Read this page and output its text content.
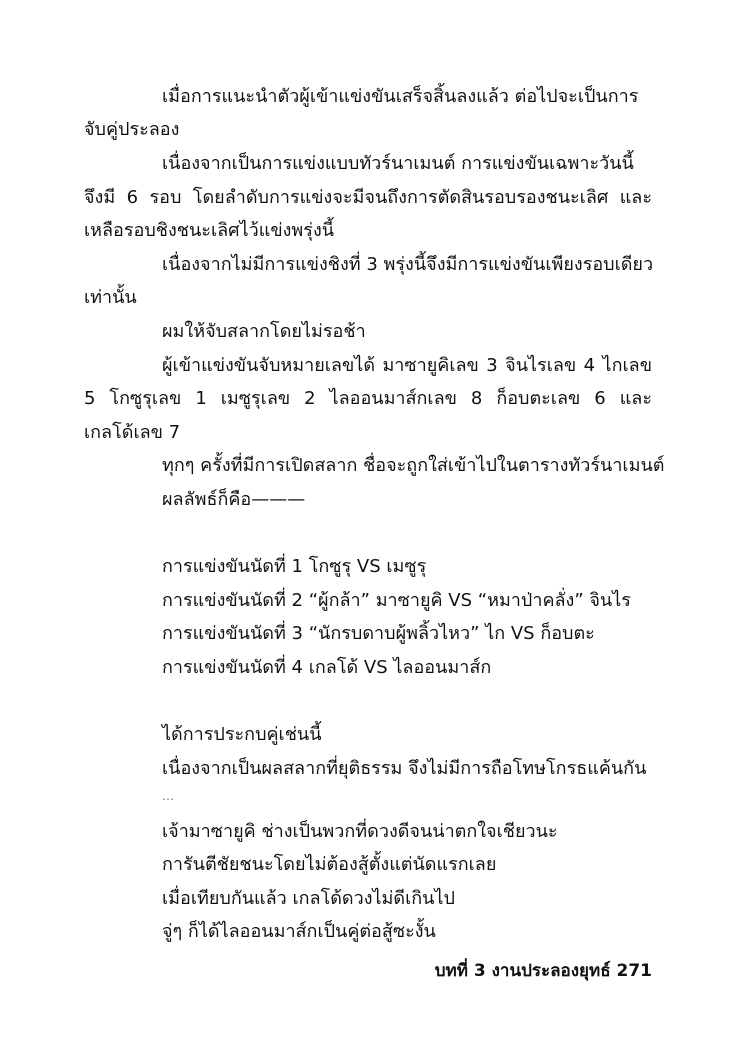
เมื่อการแนะนำตัวผู้เข้าแข่งขันเสร็จสิ้นลงแล้ว ต่อไปจะเป็นการ
จับคู่ประลอง
เนื่องจากเป็นการแข่งแบบทัวร์นาเมนต์ การแข่งขันเฉพาะวันนี้
จึงมี 6 รอบ โดยลำดับการแข่งจะมีจนถึงการตัดสินรอบรองชนะเลิศ และ
เหลือรอบชิงชนะเลิศไว้แข่งพรุ่งนี้
เนื่องจากไม่มีการแข่งชิงที่ 3 พรุ่งนี้จึงมีการแข่งขันเพียงรอบเดียว
เท่านั้น
ผมให้จับสลากโดยไม่รอช้า
ผู้เข้าแข่งขันจับหมายเลขได้ มาซายูคิเลข 3 จินไรเลข 4 ไกเลข
5 โกซูรุเลข 1 เมซูรุเลข 2 ไลออนมาส์กเลข 8 ก็อบตะเลข 6 และ
เกลโด้เลข 7
ทุกๆ ครั้งที่มีการเปิดสลาก ชื่อจะถูกใส่เข้าไปในตารางทัวร์นาเมนต์
ผลลัพธ์ก็คือ———
การแข่งขันนัดที่ 1 โกซูรุ VS เมซูรุ
การแข่งขันนัดที่ 2 “ผู้กล้า” มาซายูคิ VS “หมาป่าคลั่ง” จินไร
การแข่งขันนัดที่ 3 “นักรบดาบผู้พลิ้วไหว” ไก VS ก็อบตะ
การแข่งขันนัดที่ 4 เกลโด้ VS ไลออนมาส์ก
ได้การประกบคู่เช่นนี้
เนื่องจากเป็นผลสลากที่ยุติธรรม จึงไม่มีการถือโทษโกรธแค้นกัน
…
เจ้ามาซายูคิ ช่างเป็นพวกที่ดวงดีจนน่าตกใจเชียวนะ
การันตีชัยชนะโดยไม่ต้องสู้ตั้งแต่นัดแรกเลย
เมื่อเทียบกันแล้ว เกลโด้ดวงไม่ดีเกินไป
จู่ๆ ก็ได้ไลออนมาส์กเป็นคู่ต่อสู้ซะงั้น
บทที่ 3 งานประลองยุทธ์ 271
